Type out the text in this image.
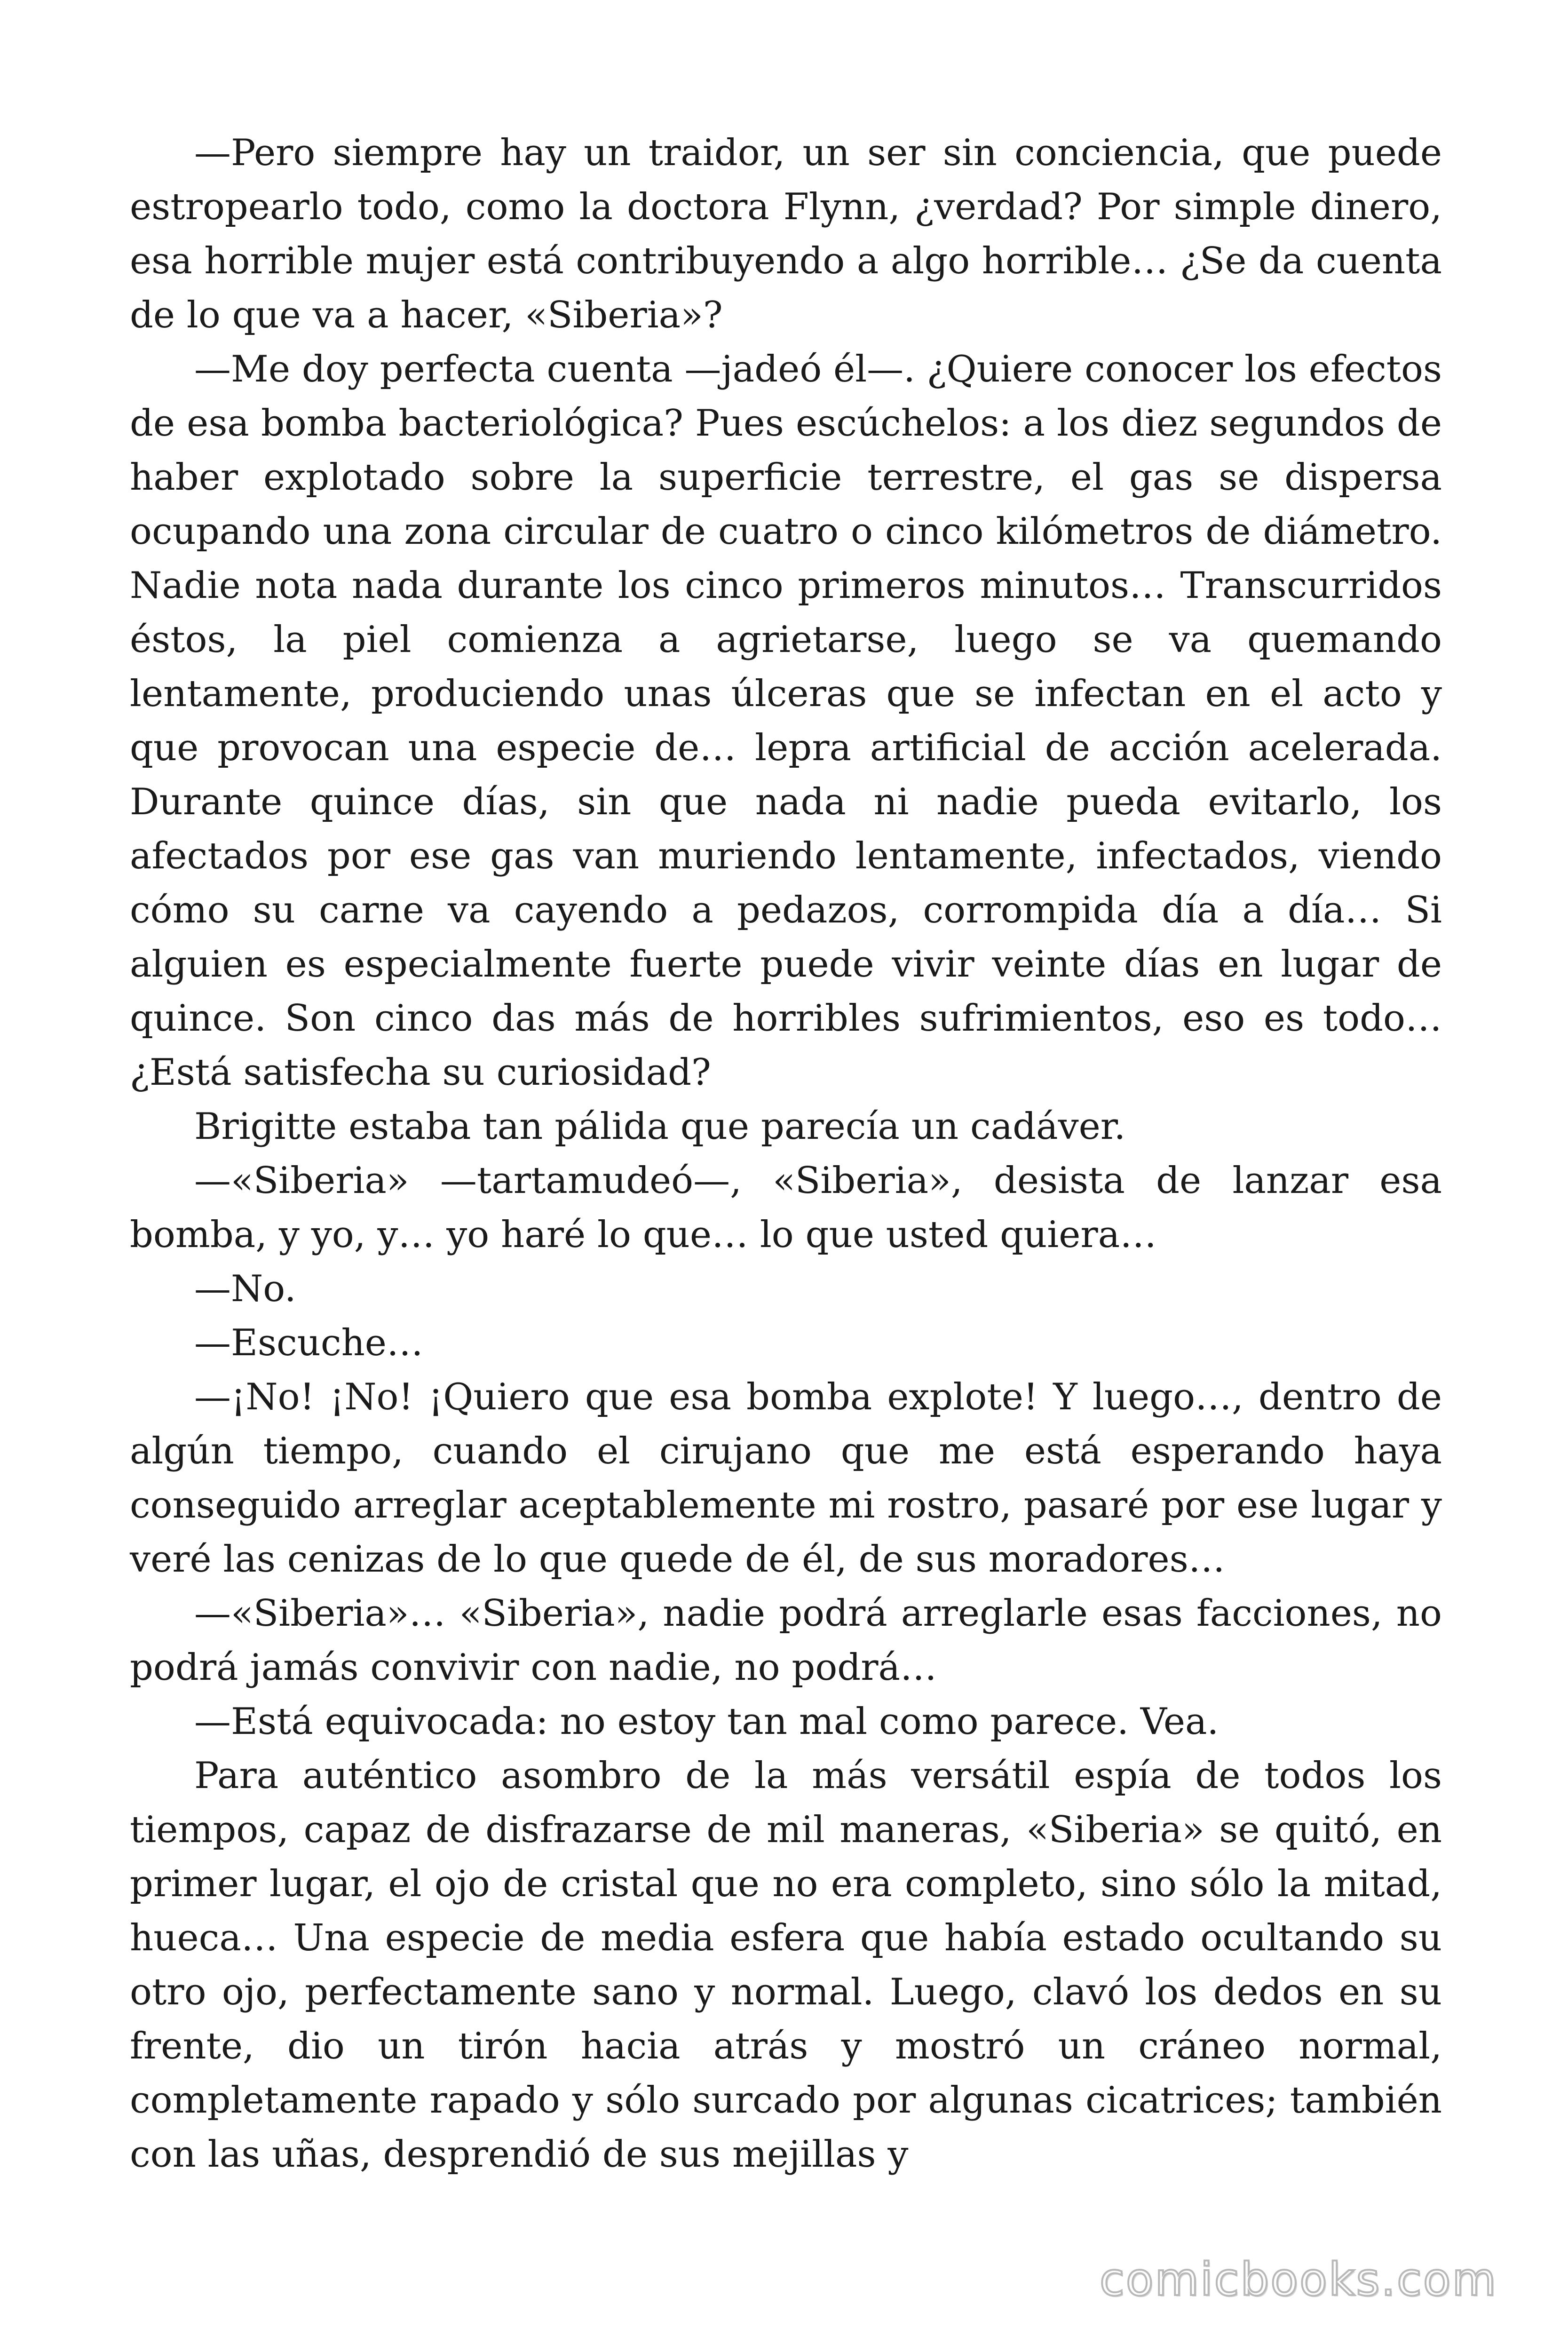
—Pero siempre hay un traidor, un ser sin conciencia, que puede estropearlo todo, como la doctora Flynn, ¿verdad? Por simple dinero, esa horrible mujer está contribuyendo a algo horrible… ¿Se da cuenta de lo que va a hacer, «Siberia»?

—Me doy perfecta cuenta —jadeó él—. ¿Quiere conocer los efectos de esa bomba bacteriológica? Pues escúchelos: a los diez segundos de haber explotado sobre la superficie terrestre, el gas se dispersa ocupando una zona circular de cuatro o cinco kilómetros de diámetro. Nadie nota nada durante los cinco primeros minutos… Transcurridos éstos, la piel comienza a agrietarse, luego se va quemando lentamente, produciendo unas úlceras que se infectan en el acto y que provocan una especie de… lepra artificial de acción acelerada. Durante quince días, sin que nada ni nadie pueda evitarlo, los afectados por ese gas van muriendo lentamente, infectados, viendo cómo su carne va cayendo a pedazos, corrompida día a día… Si alguien es especialmente fuerte puede vivir veinte días en lugar de quince. Son cinco das más de horribles sufrimientos, eso es todo… ¿Está satisfecha su curiosidad?

Brigitte estaba tan pálida que parecía un cadáver.

—«Siberia» —tartamudeó—, «Siberia», desista de lanzar esa bomba, y yo, y… yo haré lo que… lo que usted quiera…

—No.

—Escuche…

—¡No! ¡No! ¡Quiero que esa bomba explote! Y luego…, dentro de algún tiempo, cuando el cirujano que me está esperando haya conseguido arreglar aceptablemente mi rostro, pasaré por ese lugar y veré las cenizas de lo que quede de él, de sus moradores…

—«Siberia»… «Siberia», nadie podrá arreglarle esas facciones, no podrá jamás convivir con nadie, no podrá…

—Está equivocada: no estoy tan mal como parece. Vea.

Para auténtico asombro de la más versátil espía de todos los tiempos, capaz de disfrazarse de mil maneras, «Siberia» se quitó, en primer lugar, el ojo de cristal que no era completo, sino sólo la mitad, hueca… Una especie de media esfera que había estado ocultando su otro ojo, perfectamente sano y normal. Luego, clavó los dedos en su frente, dio un tirón hacia atrás y mostró un cráneo normal, completamente rapado y sólo surcado por algunas cicatrices; también con las uñas, desprendió de sus mejillas y

comicbooks.com
